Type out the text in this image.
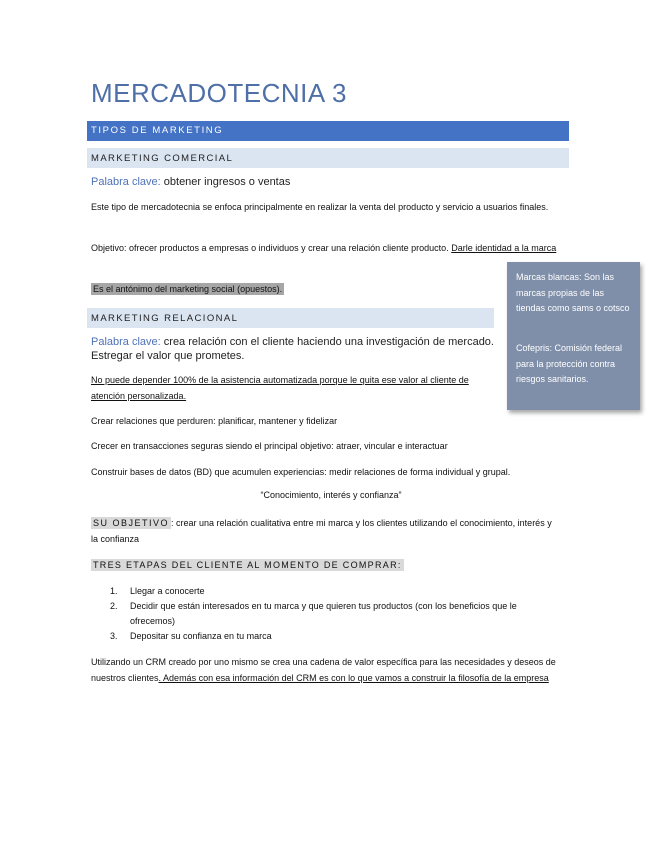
MERCADOTECNIA 3
TIPOS DE MARKETING
MARKETING COMERCIAL
Palabra clave: obtener ingresos o ventas
Este tipo de mercadotecnia se enfoca principalmente en realizar la venta del producto y servicio a usuarios finales.
Objetivo: ofrecer productos a empresas o individuos y crear una relación cliente producto. Darle identidad a la marca
Es el antónimo del marketing social (opuestos).
MARKETING RELACIONAL
Palabra clave: crea relación con el cliente haciendo una investigación de mercado. Estregar el valor que prometes.
No puede depender 100% de la asistencia automatizada porque le quita ese valor al cliente de atención personalizada.
Crear relaciones que perduren: planificar, mantener y fidelizar
Crecer en transacciones seguras siendo el principal objetivo: atraer, vincular e interactuar
Construir bases de datos (BD) que acumulen experiencias: medir relaciones de forma individual y grupal.
“Conocimiento, interés y confianza”
SU OBJETIVO : crear una relación cualitativa entre mi marca y los clientes utilizando el conocimiento, interés y la confianza
TRES ETAPAS DEL CLIENTE AL MOMENTO DE COMPRAR:
1. Llegar a conocerte
2. Decidir que están interesados en tu marca y que quieren tus productos (con los beneficios que le ofrecemos)
3. Depositar su confianza en tu marca
Utilizando un CRM creado por uno mismo se crea una cadena de valor específica para las necesidades y deseos de nuestros clientes. Además con esa información del CRM es con lo que vamos a construir la filosofía de la empresa
Marcas blancas: Son las marcas propias de las tiendas como sams o cotsco
Cofepris: Comisión federal para la protección contra riesgos sanitarios.
